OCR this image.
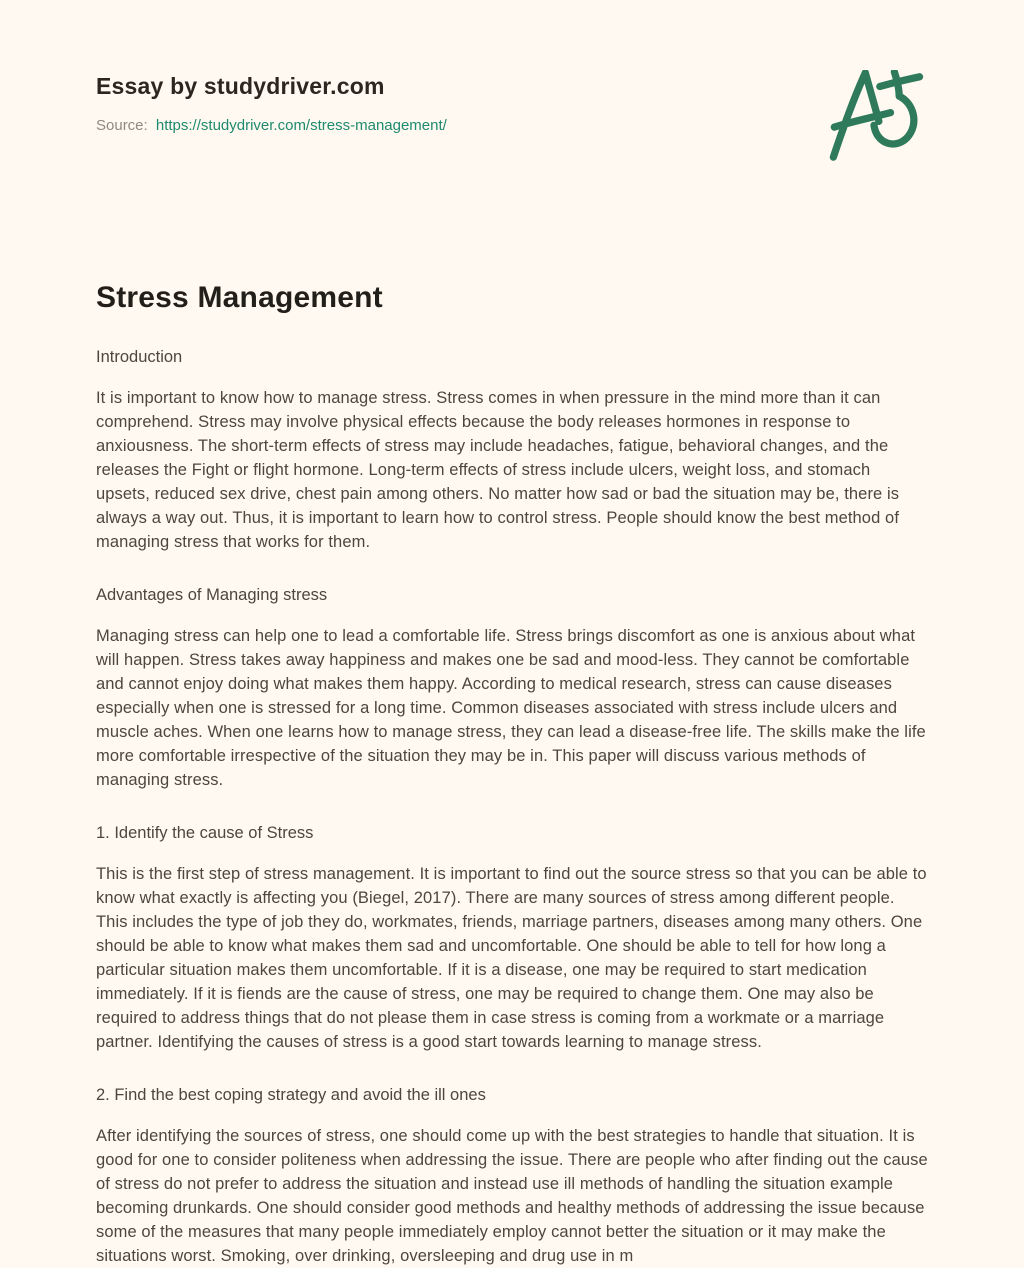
Essay by studydriver.com
Source: https://studydriver.com/stress-management/
Stress Management
Introduction

It is important to know how to manage stress. Stress comes in when pressure in the mind more than it can comprehend. Stress may involve physical effects because the body releases hormones in response to anxiousness. The short-term effects of stress may include headaches, fatigue, behavioral changes, and the releases the Fight or flight hormone. Long-term effects of stress include ulcers, weight loss, and stomach upsets, reduced sex drive, chest pain among others. No matter how sad or bad the situation may be, there is always a way out. Thus, it is important to learn how to control stress. People should know the best method of managing stress that works for them.

Advantages of Managing stress

Managing stress can help one to lead a comfortable life. Stress brings discomfort as one is anxious about what will happen. Stress takes away happiness and makes one be sad and mood-less. They cannot be comfortable and cannot enjoy doing what makes them happy. According to medical research, stress can cause diseases especially when one is stressed for a long time. Common diseases associated with stress include ulcers and muscle aches. When one learns how to manage stress, they can lead a disease-free life. The skills make the life more comfortable irrespective of the situation they may be in. This paper will discuss various methods of managing stress.

1. Identify the cause of Stress

This is the first step of stress management. It is important to find out the source stress so that you can be able to know what exactly is affecting you (Biegel, 2017). There are many sources of stress among different people. This includes the type of job they do, workmates, friends, marriage partners, diseases among many others. One should be able to know what makes them sad and uncomfortable. One should be able to tell for how long a particular situation makes them uncomfortable. If it is a disease, one may be required to start medication immediately. If it is fiends are the cause of stress, one may be required to change them. One may also be required to address things that do not please them in case stress is coming from a workmate or a marriage partner. Identifying the causes of stress is a good start towards learning to manage stress.

2. Find the best coping strategy and avoid the ill ones

After identifying the sources of stress, one should come up with the best strategies to handle that situation. It is good for one to consider politeness when addressing the issue. There are people who after finding out the cause of stress do not prefer to address the situation and instead use ill methods of handling the situation example becoming drunkards. One should consider good methods and healthy methods of addressing the issue because some of the measures that many people immediately employ cannot better the situation or it may make the situations worst. Smoking, over drinking, oversleeping and drug use in m
